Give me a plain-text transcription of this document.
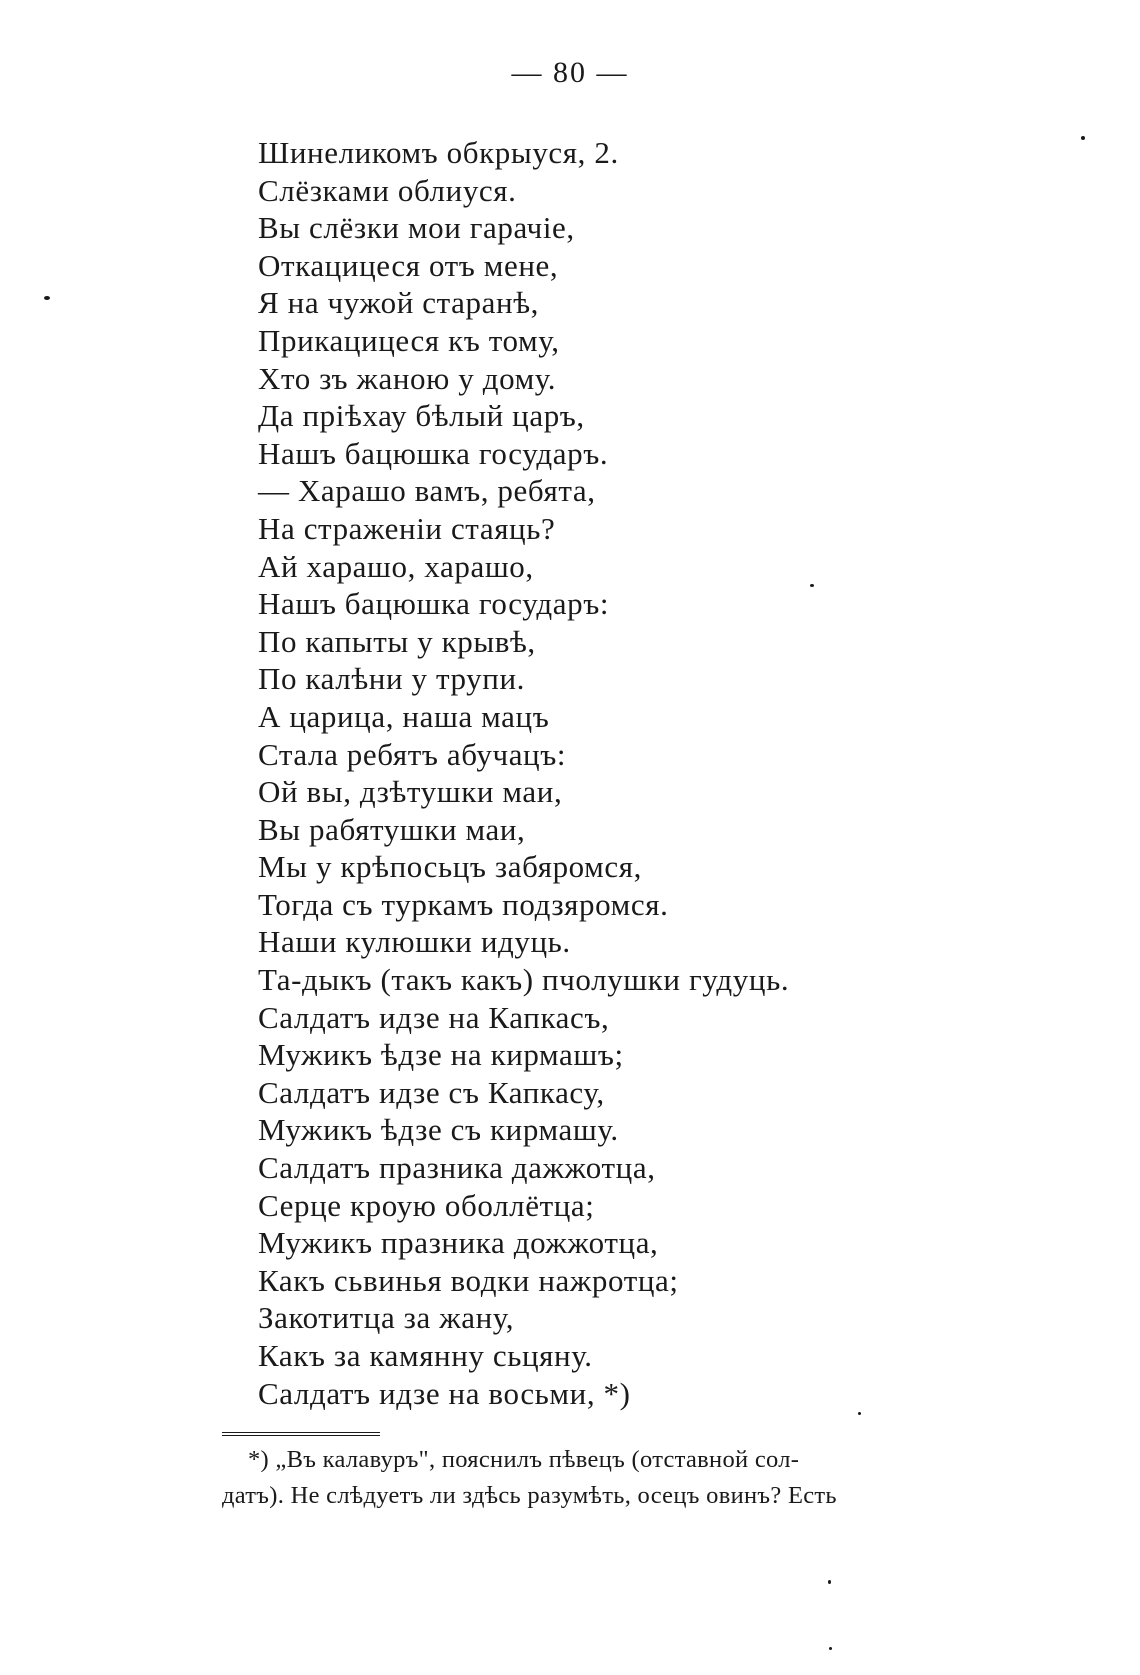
— 80 —
Шинеликомъ обкрыуся, 2.
Слёзками облиуся.
Вы слёзки мои гарачіе,
Откацицеся отъ мене,
Я на чужой старанѣ,
Прикацицеся къ тому,
Хто зъ жаною у дому.
Да пріѣхау бѣлый царъ,
Нашъ бацюшка государъ.
— Харашо вамъ, ребята,
На страженіи стаяць?
Ай харашо, харашо,
Нашъ бацюшка государъ:
По капыты у крывѣ,
По калѣни у трупи.
А царица, наша мацъ
Стала ребятъ абучацъ:
Ой вы, дзѣтушки маи,
Вы рабятушки маи,
Мы у крѣпосьцъ забяромся,
Тогда съ туркамъ подзяромся.
Наши кулюшки идуць.
Та-дыкъ (такъ какъ) пчолушки гудуць.
Салдатъ идзе на Капкасъ,
Мужикъ ѣдзе на кирмашъ;
Салдатъ идзе съ Капкасу,
Мужикъ ѣдзе съ кирмашу.
Салдатъ празника дажжотца,
Серце кроую оболлётца;
Мужикъ празника дожжотца,
Какъ сьвинья водки нажротца;
Закотитца за жану,
Какъ за камянну сьцяну.
Салдатъ идзе на восьми, *)
*) „Въ калавуръ", пояснилъ пѣвецъ (отставной сол-
датъ). Не слѣдуетъ ли здѣсь разумѣть, осецъ овинъ? Есть
